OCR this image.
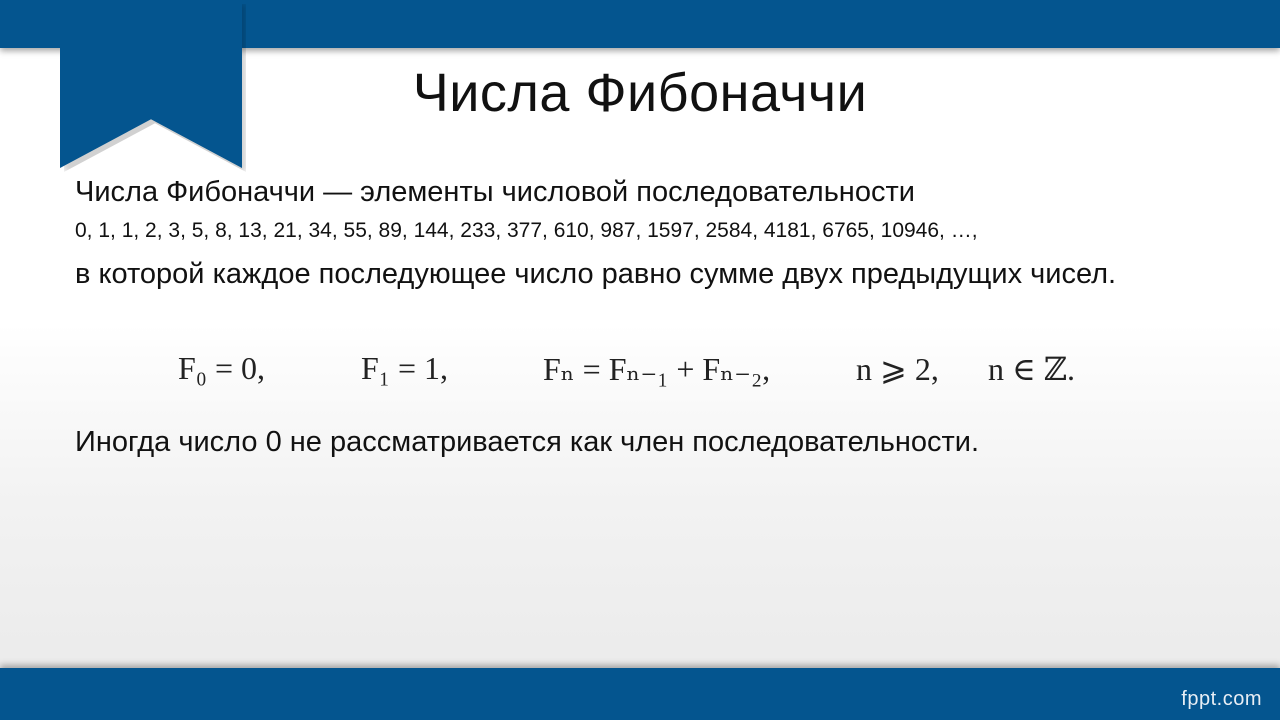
Числа Фибоначчи

Числа Фибоначчи — элементы числовой последовательности

0, 1, 1, 2, 3, 5, 8, 13, 21, 34, 55, 89, 144, 233, 377, 610, 987, 1597, 2584, 4181, 6765, 10946, …,

в которой каждое последующее число равно сумме двух предыдущих чисел.

F₀ = 0,	F₁ = 1,	Fₙ = Fₙ₋₁ + Fₙ₋₂,	n ⩾ 2, n ∈ ℤ.

Иногда число 0 не рассматривается как член последовательности.

fppt.com
